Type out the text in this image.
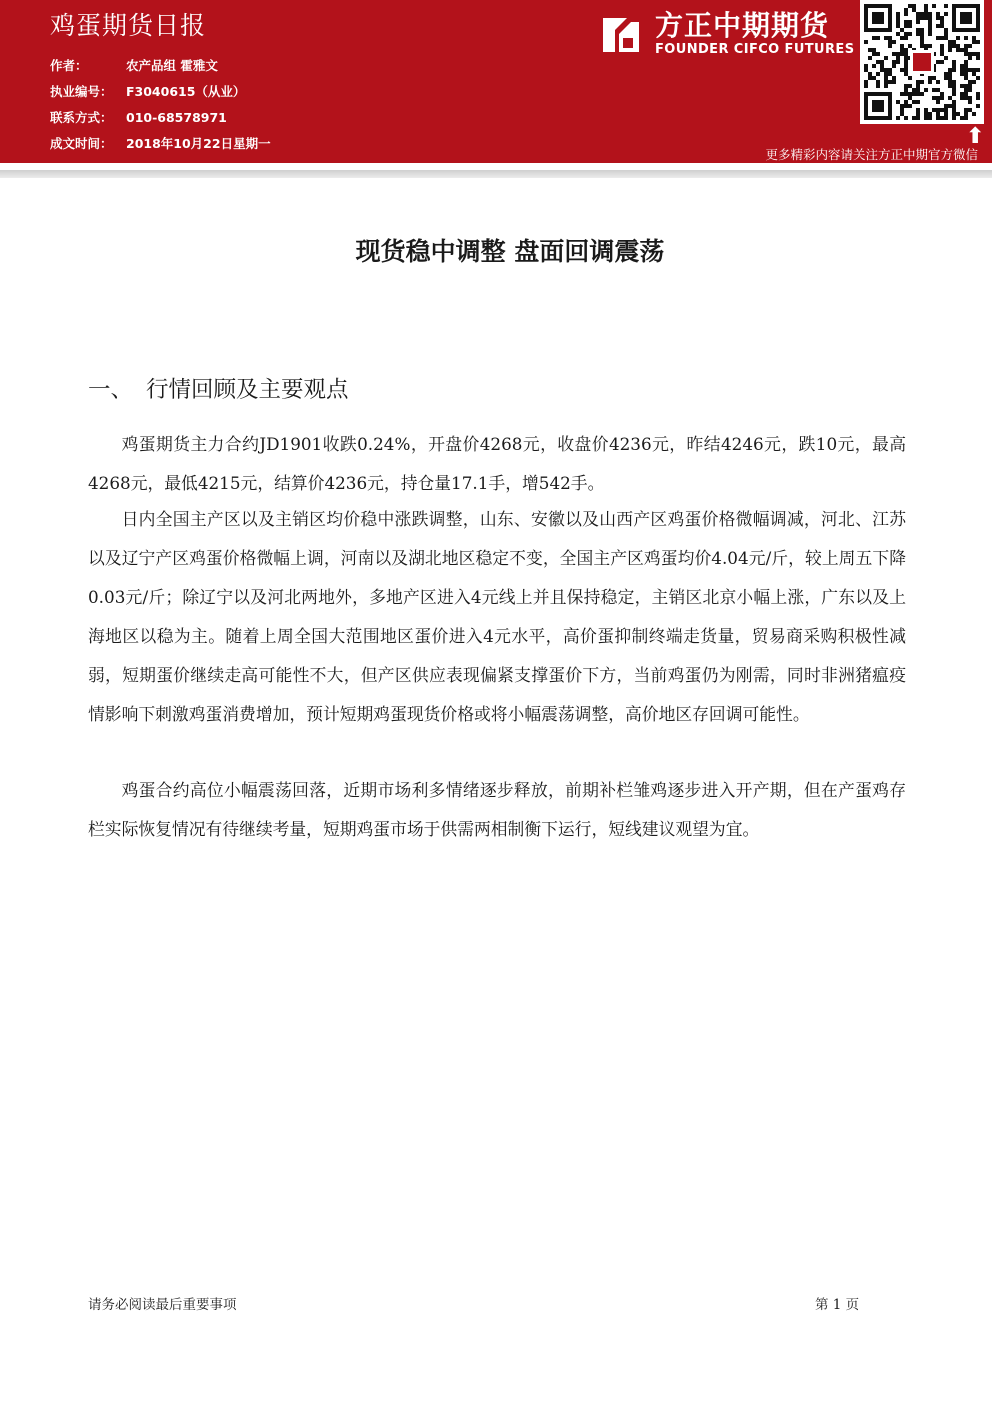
鸡蛋期货日报
作者：	农产品组 霍雅文
执业编号： F3040615（从业）
联系方式： 010-68578971
成文时间： 2018年10月22日星期一
方正中期期货
FOUNDER CIFCO FUTURES
⬆
更多精彩内容请关注方正中期官方微信
现货稳中调整 盘面回调震荡
一、 行情回顾及主要观点

鸡蛋期货主力合约JD1901收跌0.24%，开盘价4268元，收盘价4236元，昨结4246元，跌10元，最高4268元，最低4215元，结算价4236元，持仓量17.1手，增542手。

日内全国主产区以及主销区均价稳中涨跌调整，山东、安徽以及山西产区鸡蛋价格微幅调减，河北、江苏以及辽宁产区鸡蛋价格微幅上调，河南以及湖北地区稳定不变，全国主产区鸡蛋均价4.04元/斤，较上周五下降0.03元/斤；除辽宁以及河北两地外，多地产区进入4元线上并且保持稳定，主销区北京小幅上涨，广东以及上海地区以稳为主。随着上周全国大范围地区蛋价进入4元水平，高价蛋抑制终端走货量，贸易商采购积极性减弱，短期蛋价继续走高可能性不大，但产区供应表现偏紧支撑蛋价下方，当前鸡蛋仍为刚需，同时非洲猪瘟疫情影响下刺激鸡蛋消费增加，预计短期鸡蛋现货价格或将小幅震荡调整，高价地区存回调可能性。

鸡蛋合约高位小幅震荡回落，近期市场利多情绪逐步释放，前期补栏雏鸡逐步进入开产期，但在产蛋鸡存栏实际恢复情况有待继续考量，短期鸡蛋市场于供需两相制衡下运行，短线建议观望为宜。

请务必阅读最后重要事项	第 1 页
